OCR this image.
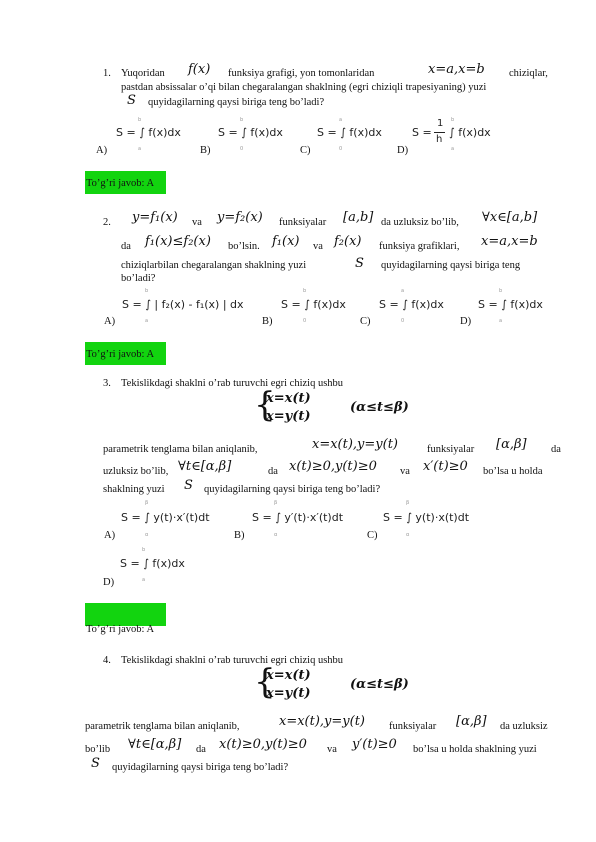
1. Yuqoridan f(x) funksiya grafigi, yon tomonlaridan	x=a,x=b chiziqlar,
pastdan absissalar o’qi bilan chegaralangan shaklning (egri chiziqli trapesiyaning) yuzi
S quyidagilarning qaysi biriga teng bo’ladi?
b
a
S = ∫ f(x)dx
A)
b
0
S = ∫ f(x)dx
B)
a
0
S = ∫ f(x)dx
C)
S =
1
h
b
a
∫ f(x)dx
D)
To’g’ri javob: A
2. y=f₁(x) va y=f₂(x) funksiyalar [a,b] da uzluksiz bo’lib, ∀x∈[a,b]
da f₁(x)≤f₂(x) bo’lsin. f₁(x) va f₂(x) funksiya grafiklari, x=a,x=b
chiziqlarbilan chegaralangan shaklning yuzi	S quyidagilarning qaysi biriga teng
bo’ladi?
b
a
S = ∫ | f₂(x) - f₁(x) | dx
A)
b
0
S = ∫ f(x)dx
B)
a
0
S = ∫ f(x)dx
C)
b
a
S = ∫ f(x)dx
D)
To’g’ri javob: A
3. Tekislikdagi shaklni o’rab turuvchi egri chiziq ushbu
{
x=x(t)
x=y(t)
(α≤t≤β)
parametrik tenglama bilan aniqlanib,	x=x(t),y=y(t)	funksiyalar [α,β] da
uzluksiz bo’lib, ∀t∈[α,β]	da x(t)≥0,y(t)≥0 va x′(t)≥0 bo’lsa u holda
shaklning yuzi S quyidagilarning qaysi biriga teng bo’ladi?
β
α
S = ∫ y(t)·x′(t)dt
A)
β
α
S = ∫ y′(t)·x′(t)dt
B)
β
α
S = ∫ y(t)·x(t)dt
C)
b
a
S = ∫ f(x)dx
D)
To’g’ri javob: A
4. Tekislikdagi shaklni o’rab turuvchi egri chiziq ushbu
{
x=x(t)
x=y(t)
(α≤t≤β)
parametrik tenglama bilan aniqlanib,	x=x(t),y=y(t) funksiyalar [α,β] da uzluksiz
bo’lib ∀t∈[α,β] da x(t)≥0,y(t)≥0 va y′(t)≥0 bo’lsa u holda shaklning yuzi
S quyidagilarning qaysi biriga teng bo’ladi?
